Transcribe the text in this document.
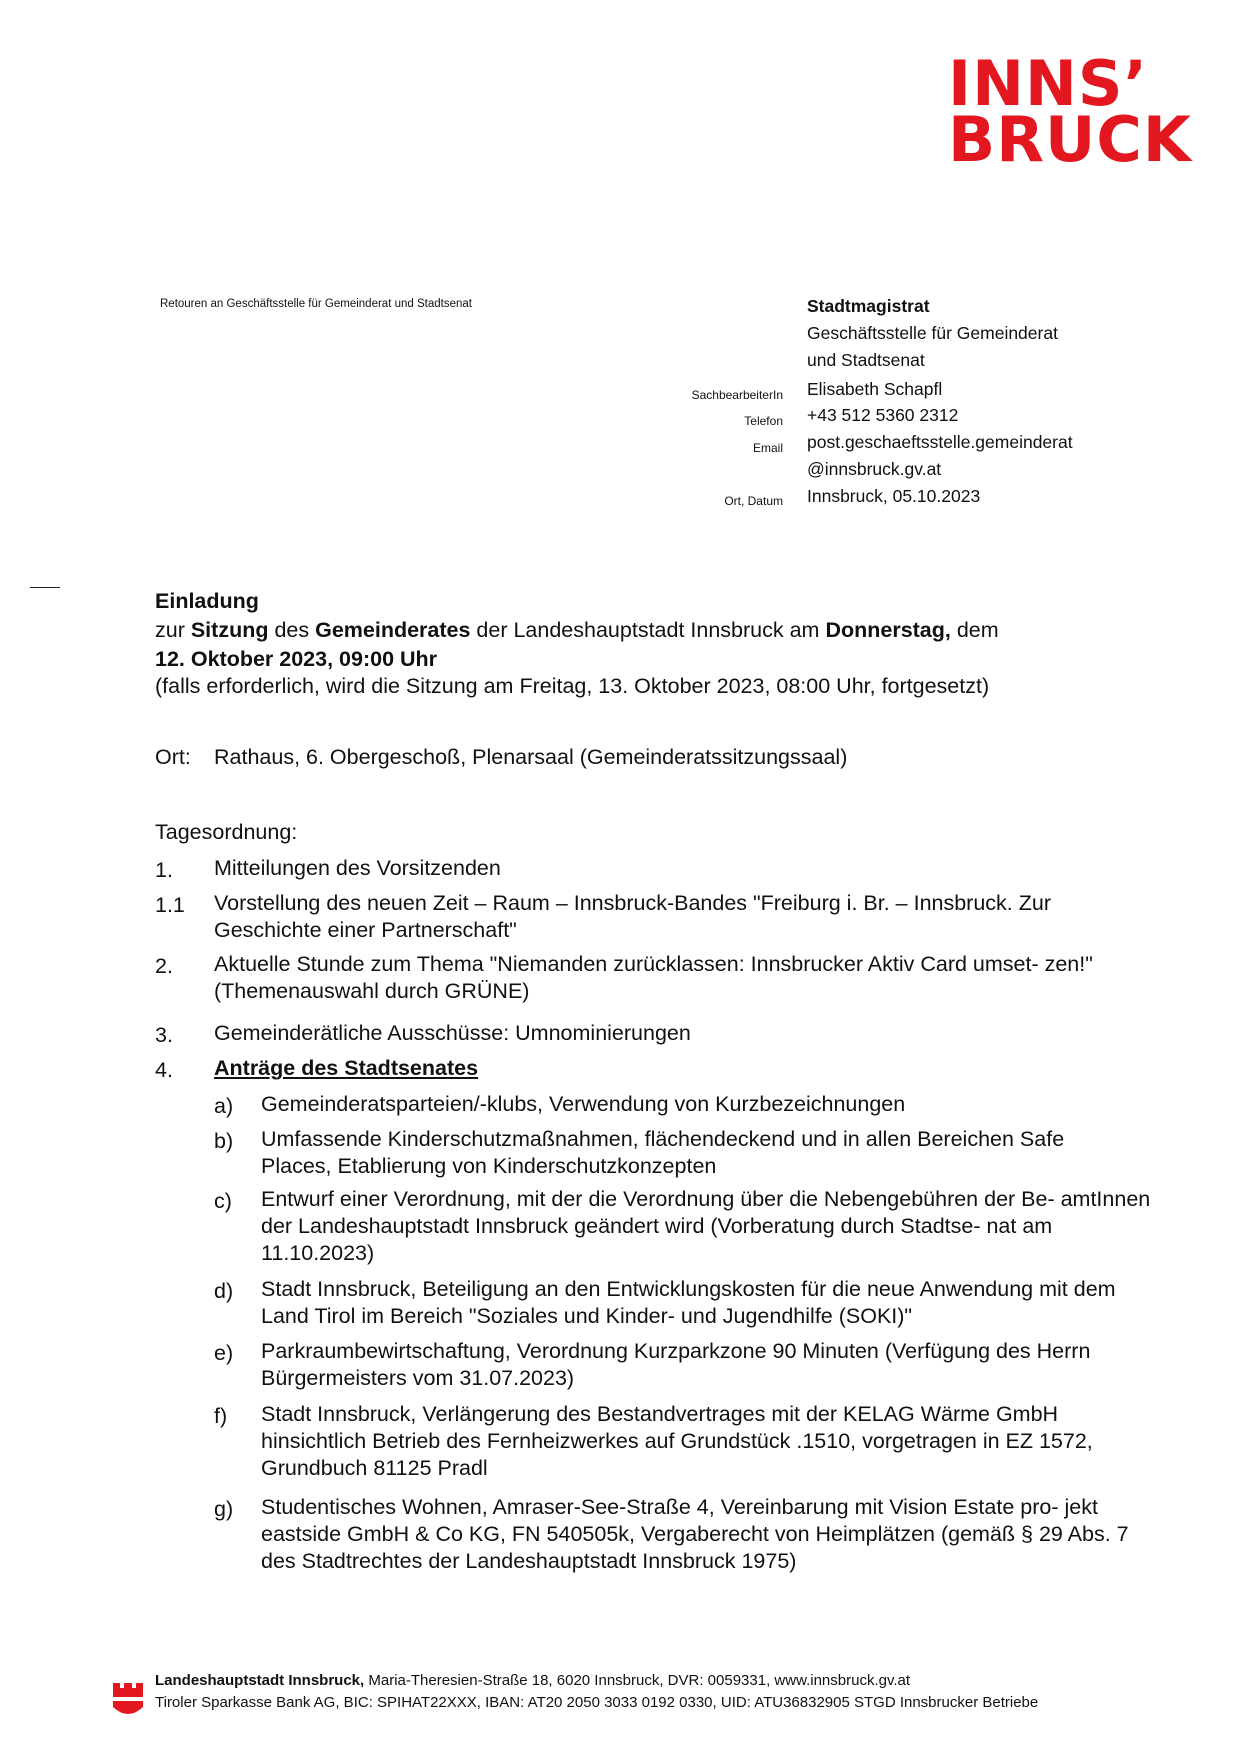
INNS’
BRUCK
Retouren an Geschäftsstelle für Gemeinderat und Stadtsenat	Stadtmagistrat
Geschäftsstelle für Gemeinderat
und Stadtsenat
SachbearbeiterIn Elisabeth Schapfl
Telefon +43 512 5360 2312
Email post.geschaeftsstelle.gemeinderat
@innsbruck.gv.at
Ort, Datum Innsbruck, 05.10.2023
Einladung
zur Sitzung des Gemeinderates der Landeshauptstadt Innsbruck am Donnerstag, dem
12. Oktober 2023, 09:00 Uhr
(falls erforderlich, wird die Sitzung am Freitag, 13. Oktober 2023, 08:00 Uhr, fortgesetzt)
Ort: Rathaus, 6. Obergeschoß, Plenarsaal (Gemeinderatssitzungssaal)
Tagesordnung:
1. Mitteilungen des Vorsitzenden
1.1 Vorstellung des neuen Zeit – Raum – Innsbruck-Bandes "Freiburg i. Br. – Innsbruck. Zur Geschichte einer Partnerschaft"
2. Aktuelle Stunde zum Thema "Niemanden zurücklassen: Innsbrucker Aktiv Card umset- zen!" (Themenauswahl durch GRÜNE)
3. Gemeinderätliche Ausschüsse: Umnominierungen
4. Anträge des Stadtsenates
a) Gemeinderatsparteien/-klubs, Verwendung von Kurzbezeichnungen
b) Umfassende Kinderschutzmaßnahmen, flächendeckend und in allen Bereichen Safe Places, Etablierung von Kinderschutzkonzepten
c) Entwurf einer Verordnung, mit der die Verordnung über die Nebengebühren der Be- amtInnen der Landeshauptstadt Innsbruck geändert wird (Vorberatung durch Stadtse- nat am 11.10.2023)
d) Stadt Innsbruck, Beteiligung an den Entwicklungskosten für die neue Anwendung mit dem Land Tirol im Bereich "Soziales und Kinder- und Jugendhilfe (SOKI)"
e) Parkraumbewirtschaftung, Verordnung Kurzparkzone 90 Minuten (Verfügung des Herrn Bürgermeisters vom 31.07.2023)
f) Stadt Innsbruck, Verlängerung des Bestandvertrages mit der KELAG Wärme GmbH hinsichtlich Betrieb des Fernheizwerkes auf Grundstück .1510, vorgetragen in EZ 1572, Grundbuch 81125 Pradl
g) Studentisches Wohnen, Amraser-See-Straße 4, Vereinbarung mit Vision Estate pro- jekt eastside GmbH & Co KG, FN 540505k, Vergaberecht von Heimplätzen (gemäß § 29 Abs. 7 des Stadtrechtes der Landeshauptstadt Innsbruck 1975)
Landeshauptstadt Innsbruck, Maria-Theresien-Straße 18, 6020 Innsbruck, DVR: 0059331, www.innsbruck.gv.at
Tiroler Sparkasse Bank AG, BIC: SPIHAT22XXX, IBAN: AT20 2050 3033 0192 0330, UID: ATU36832905 STGD Innsbrucker Betriebe
